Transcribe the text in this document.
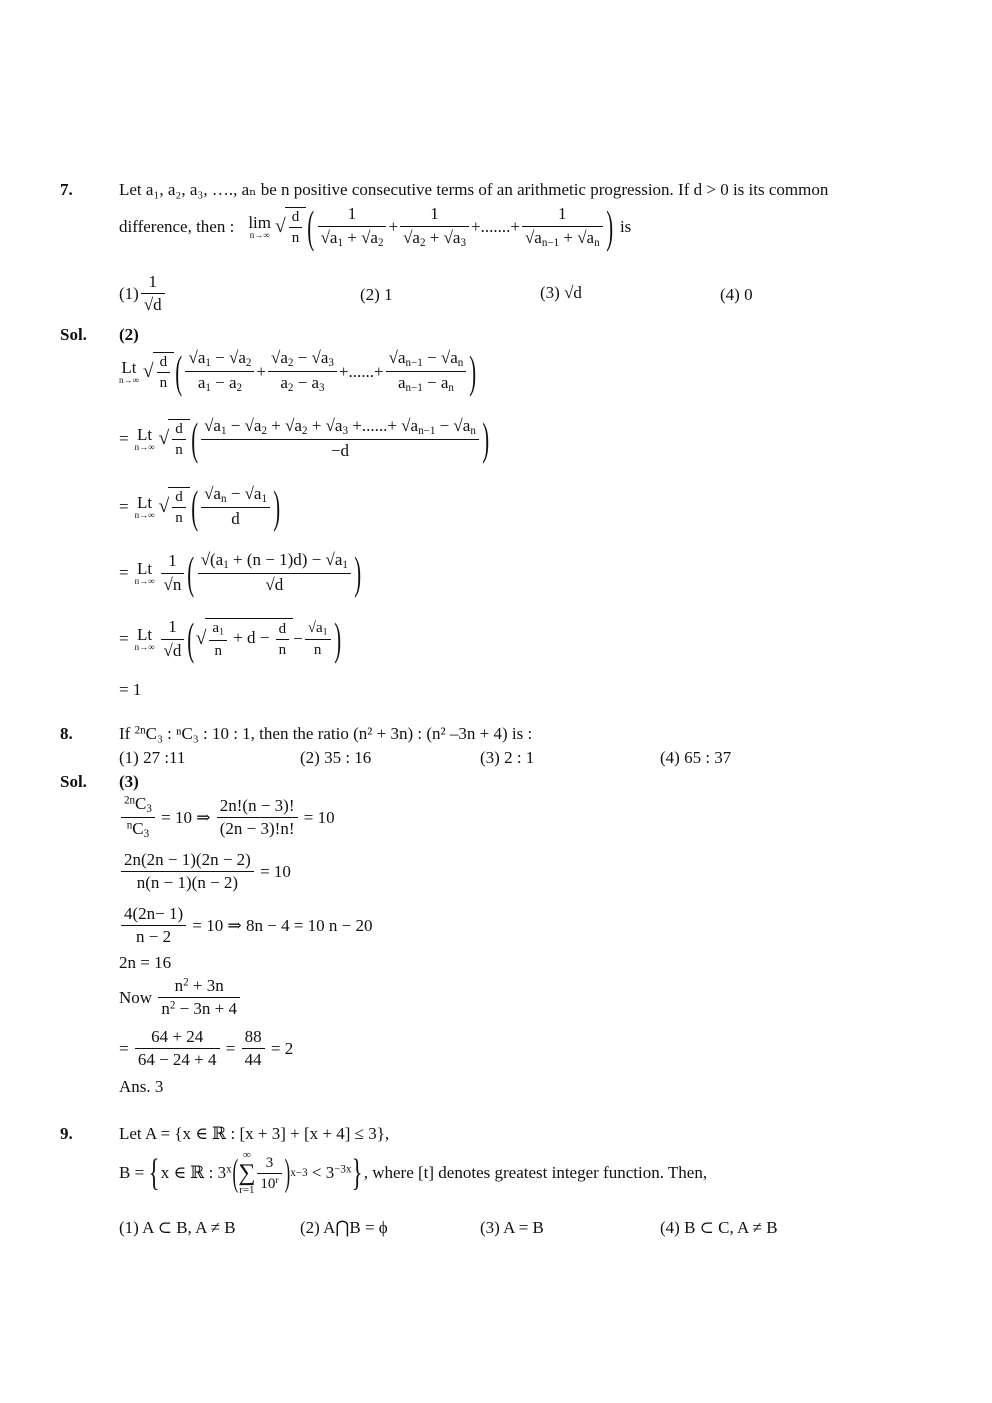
7.	Let a₁, a₂, a₃, …., aₙ be n positive consecutive terms of an arithmetic progression. If d > 0 is its common
difference, then : lim
n→∞ √ $\frac{d}{n}$ ( $\frac{1}{√a_1 + √a_2} + \frac{1}{√a_2 + √a_3}$ +.......+ $\frac{1}{√a_{n-1} + √a_n}$ ) is
$(1) \frac{1}{√d}$	(2) 1	(3)
√d	(4) 0
Sol. (2)
Lt
n→∞ √ $\frac{d}{n}$ ( $\frac{√a_1 - √a_2}{a_1 - a_2} + \frac{√a_2 - √a_3}{a_2 - a_3}$ +......+ $\frac{√a_{n-1} - √a_n}{a_{n-1} - a_n}$ )
= Lt
n→∞ √ $\frac{d}{n}$ ( $\frac{√a_1 - √a_2 + √a_2 + √a_3 +......+ √a_{n-1} - √a_n}{-d}$ )
= Lt
n→∞ √ $\frac{d}{n}$ ( $\frac{√a_n - √a_1}{d}$ )
= Lt
$n\to\infty \frac{1}{√n}$ ( $\frac{√(a_1 + (n - 1)d) - √a_1}{√d}$ )
= Lt
$n\to\infty \frac{1}{√d}$ ( √ $\frac{a_1}{n} + d - \frac{d}{n} - \frac{√a_1}{n}$ )
= 1
8.	If $^{2n}$C₃ : ⁿC₃ : 10 : 1, then the ratio (n² + 3n) : (n² –3n + 4) is :
(1) 27 :11	(2) 35 : 16	(3) 2 : 1	(4) 65 : 37
Sol. (3)
$\frac{^{2n}C_3}{^nC_3} = 10$ ⇒ $\frac{2n!(n - 3)!}{(2n - 3)!n!} = 10$
$\frac{2n(2n - 1)(2n - 2)}{n(n - 1)(n - 2)} = 10$
$\frac{4(2n- 1)}{n - 2} = 10$ ⇒ 8n − 4 = 10 n − 20
2n = 16
Now
$\frac{n^2 + 3n}{n^2 - 3n + 4}$
= $\frac{64 + 24}{64 - 24 + 4} = \frac{88}{44} = 2$
Ans. 3
9.	Let A = {x ∈ ℝ : [x + 3] + [x + 4] ≤ 3},
B = { x ∈ ℝ : 3$^x$ ( ∞
∑
$r=1 \frac{3}{10^r}$ ) $x-3 < 3^{-3x}$ } , where [t] denotes greatest integer function. Then,
(1) A ⊂ B, A ≠ B	(2) A⋂B = ϕ	(3) A = B	(4) B ⊂ C, A ≠ B
